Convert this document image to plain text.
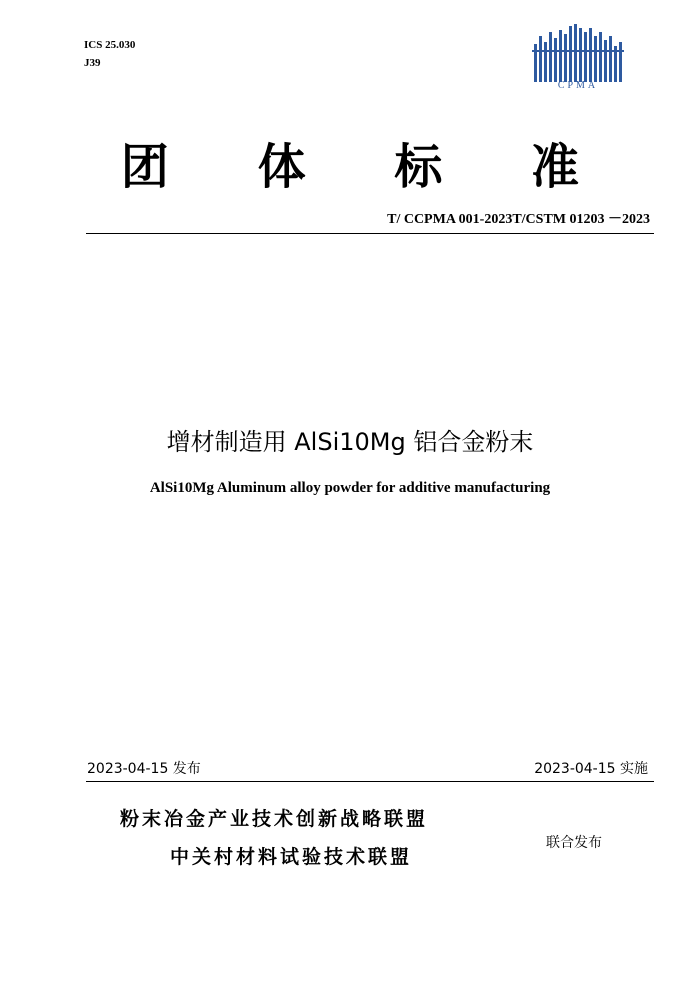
ICS 25.030
J39
CPMA
团 体 标 准
T/ CCPMA 001-2023T/CSTM 01203 －2023
增材制造用 AlSi10Mg 铝合金粉末
AlSi10Mg Aluminum alloy powder for additive manufacturing
2023-04-15 发布	2023-04-15 实施
粉末冶金产业技术创新战略联盟
中关村材料试验技术联盟
联合发布
